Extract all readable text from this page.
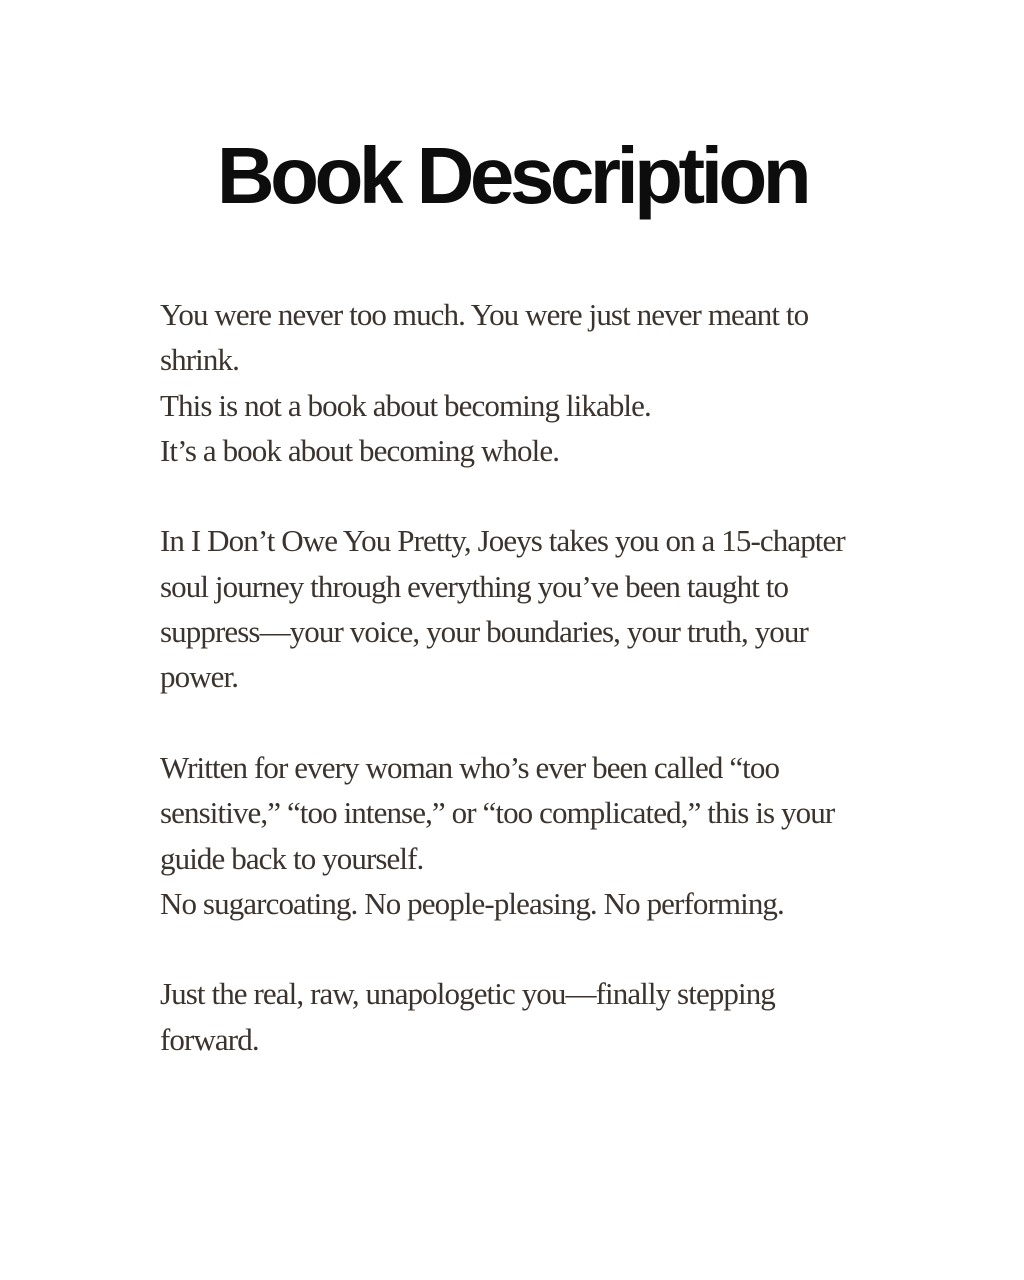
Book Description

You were never too much. You were just never meant to
shrink.
This is not a book about becoming likable.
It’s a book about becoming whole.

In I Don’t Owe You Pretty, Joeys takes you on a 15-chapter
soul journey through everything you’ve been taught to
suppress—your voice, your boundaries, your truth, your
power.

Written for every woman who’s ever been called “too
sensitive,” “too intense,” or “too complicated,” this is your
guide back to yourself.
No sugarcoating. No people-pleasing. No performing.

Just the real, raw, unapologetic you—finally stepping
forward.
